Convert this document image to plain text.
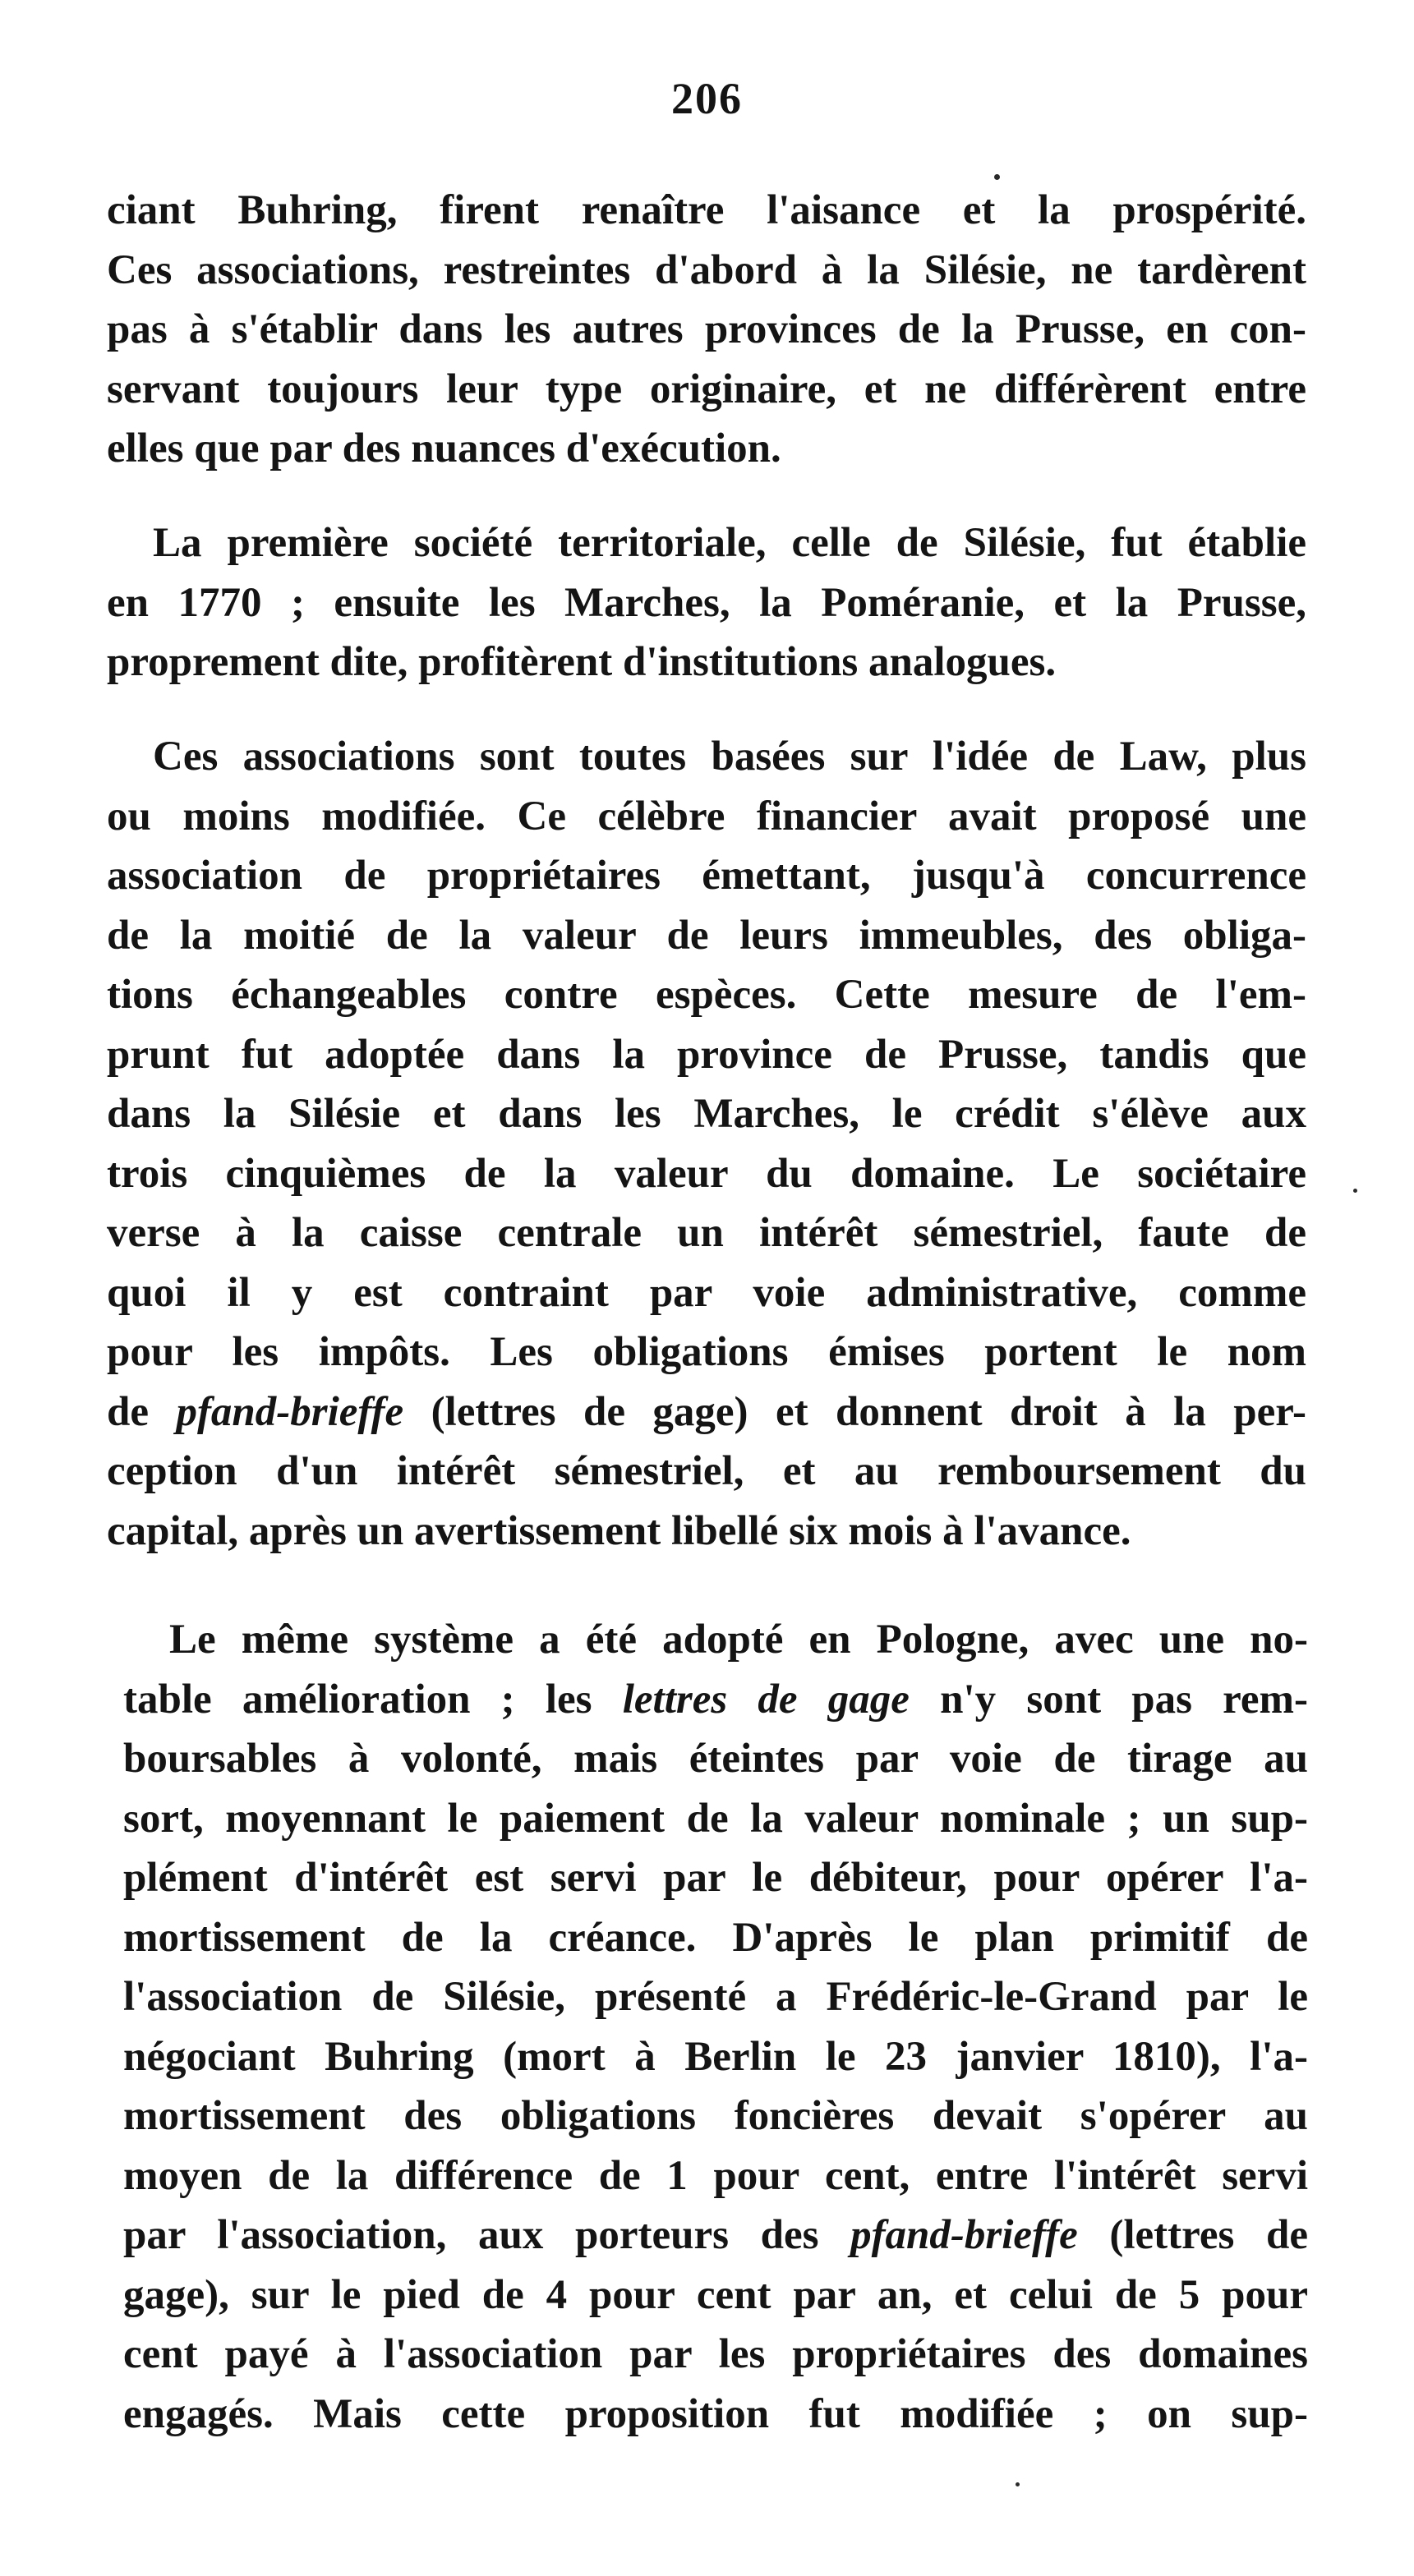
206
ciant Buhring, firent renaître l'aisance et la prospérité.
Ces associations, restreintes d'abord à la Silésie, ne tardèrent
pas à s'établir dans les autres provinces de la Prusse, en con-
servant toujours leur type originaire, et ne différèrent entre
elles que par des nuances d'exécution.
La première société territoriale, celle de Silésie, fut établie
en 1770 ; ensuite les Marches, la Poméranie, et la Prusse,
proprement dite, profitèrent d'institutions analogues.
Ces associations sont toutes basées sur l'idée de Law, plus
ou moins modifiée. Ce célèbre financier avait proposé une
association de propriétaires émettant, jusqu'à concurrence
de la moitié de la valeur de leurs immeubles, des obliga-
tions échangeables contre espèces. Cette mesure de l'em-
prunt fut adoptée dans la province de Prusse, tandis que
dans la Silésie et dans les Marches, le crédit s'élève aux
trois cinquièmes de la valeur du domaine. Le sociétaire
verse à la caisse centrale un intérêt sémestriel, faute de
quoi il y est contraint par voie administrative, comme
pour les impôts. Les obligations émises portent le nom
de pfand-brieffe (lettres de gage) et donnent droit à la per-
ception d'un intérêt sémestriel, et au remboursement du
capital, après un avertissement libellé six mois à l'avance.
Le même système a été adopté en Pologne, avec une no-
table amélioration ; les lettres de gage n'y sont pas rem-
boursables à volonté, mais éteintes par voie de tirage au
sort, moyennant le paiement de la valeur nominale ; un sup-
plément d'intérêt est servi par le débiteur, pour opérer l'a-
mortissement de la créance. D'après le plan primitif de
l'association de Silésie, présenté a Frédéric-le-Grand par le
négociant Buhring (mort à Berlin le 23 janvier 1810), l'a-
mortissement des obligations foncières devait s'opérer au
moyen de la différence de 1 pour cent, entre l'intérêt servi
par l'association, aux porteurs des pfand-brieffe (lettres de
gage), sur le pied de 4 pour cent par an, et celui de 5 pour
cent payé à l'association par les propriétaires des domaines
engagés. Mais cette proposition fut modifiée ; on sup-
